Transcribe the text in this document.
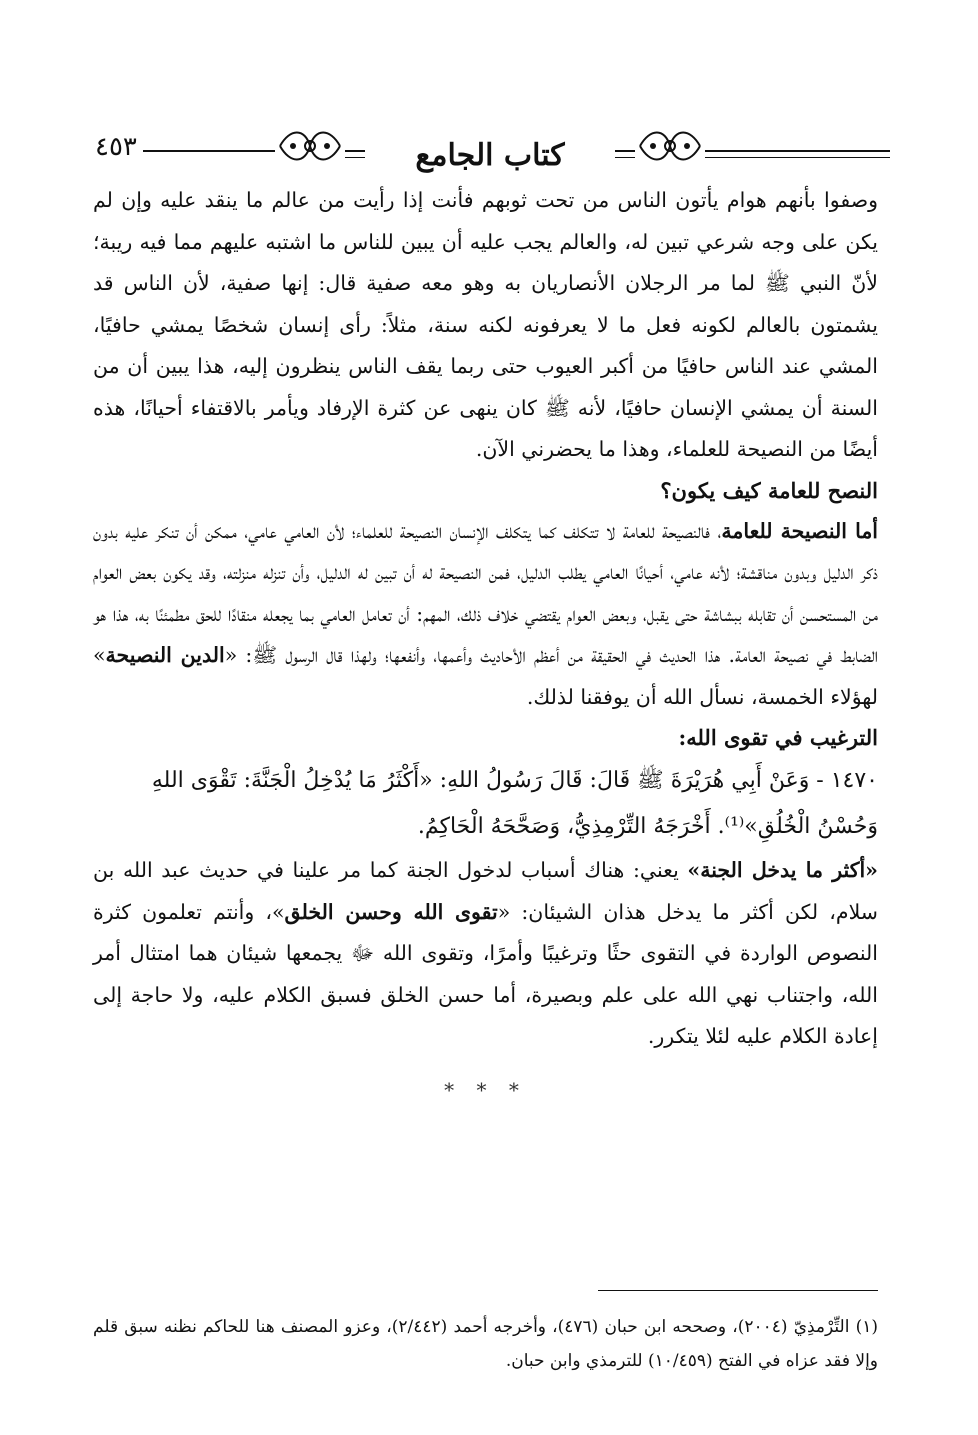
٤٥٣	كتاب الجامع

وصفوا بأنهم هوام يأتون الناس من تحت ثوبهم فأنت إذا رأيت من عالم ما ينقد عليه وإن لم يكن على وجه شرعي تبين له، والعالم يجب عليه أن يبين للناس ما اشتبه عليهم مما فيه ريبة؛ لأنّ النبي ﷺ لما مر الرجلان الأنصاريان به وهو معه صفية قال: إنها صفية، لأن الناس قد يشمتون بالعالم لكونه فعل ما لا يعرفونه لكنه سنة، مثلاً: رأى إنسان شخصًا يمشي حافيًا، المشي عند الناس حافيًا من أكبر العيوب حتى ربما يقف الناس ينظرون إليه، هذا يبين أن من السنة أن يمشي الإنسان حافيًا، لأنه ﷺ كان ينهى عن كثرة الإرفاد ويأمر بالاقتفاء أحيانًا، هذه أيضًا من النصيحة للعلماء، وهذا ما يحضرني الآن.

النصح للعامة كيف يكون؟

أما النصيحة للعامة، فالنصيحة للعامة لا تتكلف كما يتكلف الإنسان النصيحة للعلماء؛ لأن العامي عامي، ممكن أن تنكر عليه بدون ذكر الدليل وبدون مناقشة؛ لأنه عامي، أحيانًا العامي يطلب الدليل، فمن النصيحة له أن تبين له الدليل، وأن تنزله منزلته، وقد يكون بعض العوام من المستحسن أن تقابله ببشاشة حتى يقبل، وبعض العوام يقتضي خلاف ذلك، المهم: أن تعامل العامي بما يجعله منقادًا للحق مطمئنًا به، هذا هو الضابط في نصيحة العامة. هذا الحديث في الحقيقة من أعظم الأحاديث وأعمها، وأنفعها؛ ولهذا قال الرسول ﷺ: «الدين النصيحة» لهؤلاء الخمسة، نسأل الله أن يوفقنا لذلك.

الترغيب في تقوى الله:

١٤٧٠ - وَعَنْ أَبِي هُرَيْرَةَ ﷺ قَالَ: قَالَ رَسُولُ اللهِ: «أَكْثَرُ مَا يُدْخِلُ الْجَنَّةَ: تَقْوَى اللهِ وَحُسْنُ الْخُلُقِ»⁽¹⁾. أَخْرَجَهُ التِّرْمِذِيُّ، وَصَحَّحَهُ الْحَاكِمُ.

«أكثر ما يدخل الجنة» يعني: هناك أسباب لدخول الجنة كما مر علينا في حديث عبد الله بن سلام، لكن أكثر ما يدخل هذان الشيئان: «تقوى الله وحسن الخلق»، وأنتم تعلمون كثرة النصوص الواردة في التقوى حثًا وترغيبًا وأمرًا، وتقوى الله ﷻ يجمعها شيئان هما امتثال أمر الله، واجتناب نهي الله على علم وبصيرة، أما حسن الخلق فسبق الكلام عليه، ولا حاجة إلى إعادة الكلام عليه لئلا يتكرر.

* * *

(١) التِّرْمذِيّ (٢٠٠٤)، وصححه ابن حبان (٤٧٦)، وأخرجه أحمد (٢/٤٤٢)، وعزو المصنف هنا للحاكم نظنه سبق قلم وإلا فقد عزاه في الفتح (١٠/٤٥٩) للترمذي وابن حبان.
